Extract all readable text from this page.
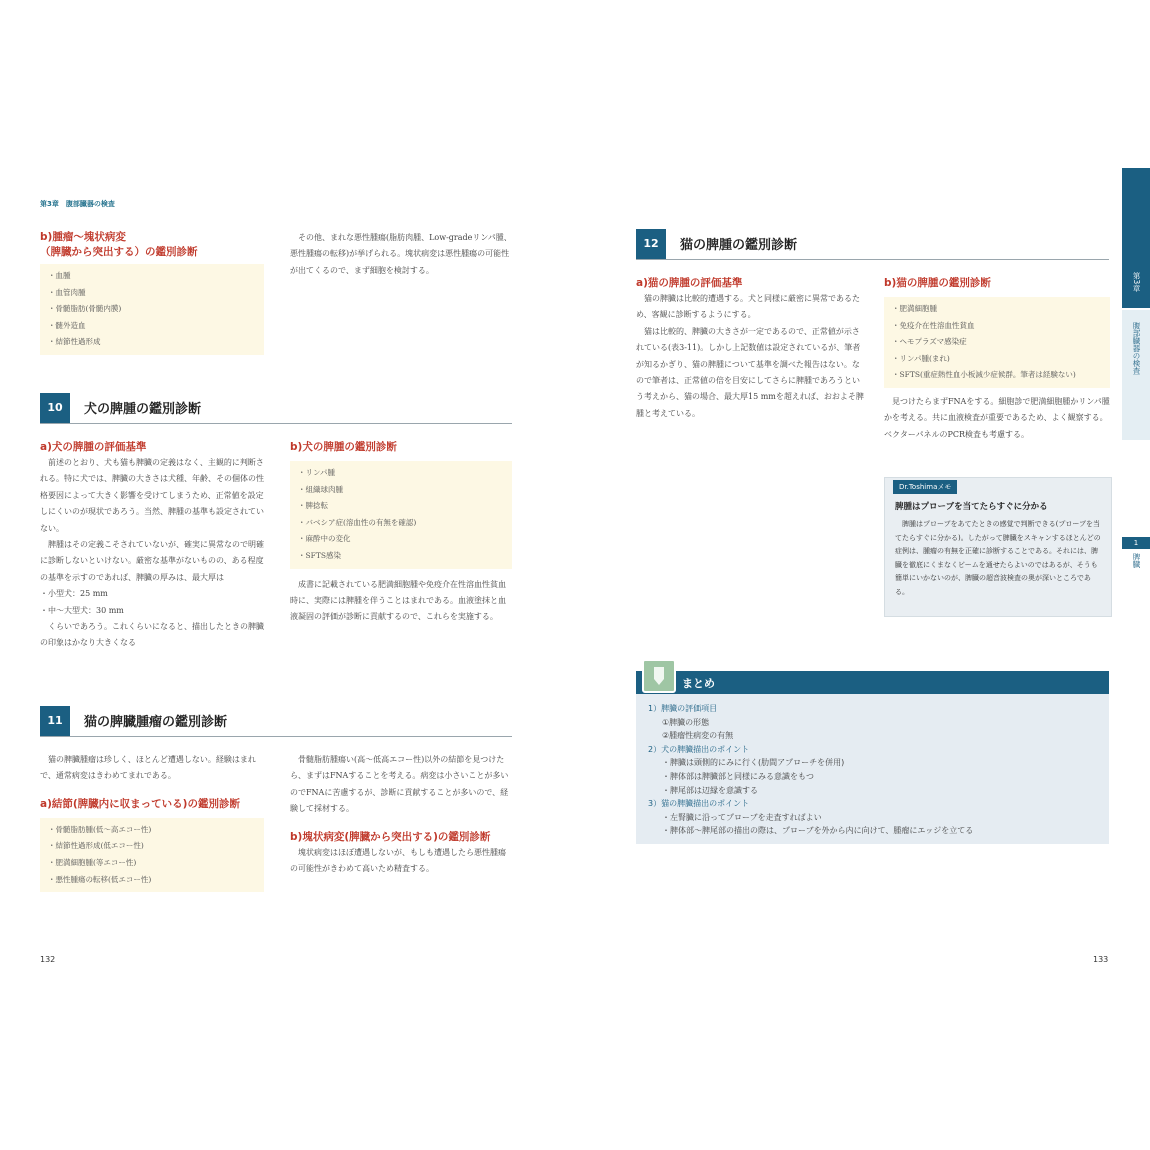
第3章　腹部臓器の検査
b)腫瘤～塊状病変
（脾臓から突出する）の鑑別診断
・血腫
・血管肉腫
・骨髄脂肪(骨髄内膜)
・髄外造血
・結節性過形成
　その他、まれな悪性腫瘍(脂肪肉腫、Low-gradeリンパ腫、悪性腫瘍の転移)が挙げられる。塊状病変は悪性腫瘍の可能性が出てくるので、まず細胞を検討する。
10	犬の脾腫の鑑別診断
a)犬の脾腫の評価基準
　前述のとおり、犬も猫も脾臓の定義はなく、主観的に判断される。特に犬では、脾臓の大きさは犬種、年齢、その個体の性格要因によって大きく影響を受けてしまうため、正常値を設定しにくいのが現状であろう。当然、脾腫の基準も設定されていない。
　脾腫はその定義こそされていないが、確実に異常なので明確に診断しないといけない。厳密な基準がないものの、ある程度の基準を示すのであれば、脾臓の厚みは、最大厚は
・小型犬：25 mm
・中～大型犬：30 mm
　くらいであろう。これくらいになると、描出したときの脾臓の印象はかなり大きくなる
b)犬の脾腫の鑑別診断
・リンパ腫
・組織球肉腫
・脾捻転
・バベシア症(溶血性の有無を確認)
・麻酔中の変化
・SFTS感染
　成書に記載されている肥満細胞腫や免疫介在性溶血性貧血時に、実際には脾腫を伴うことはまれである。血液塗抹と血液凝固の評価が診断に貢献するので、これらを実施する。
11	猫の脾臓腫瘤の鑑別診断
　猫の脾臓腫瘤は珍しく、ほとんど遭遇しない。経験はまれで、通常病変はきわめてまれである。
a)結節(脾臓内に収まっている)の鑑別診断
・骨髄脂肪腫(低～高エコー性)
・結節性過形成(低エコー性)
・肥満細胞腫(等エコー性)
・悪性腫瘍の転移(低エコー性)
　骨髄脂肪腫瘍い(高～低高エコー性)以外の結節を見つけたら、まずはFNAすることを考える。病変は小さいことが多いのでFNAに苦慮するが、診断に貢献することが多いので、経験して採材する。
b)塊状病変(脾臓から突出する)の鑑別診断
　塊状病変はほぼ遭遇しないが、もしも遭遇したら悪性腫瘍の可能性がきわめて高いため精査する。
132
12	猫の脾腫の鑑別診断
a)猫の脾腫の評価基準
　猫の脾臓は比較的遭遇する。犬と同様に厳密に異常であるため、客観に診断するようにする。
　猫は比較的、脾臓の大きさが一定であるので、正常値が示されている(表3-11)。しかし上記数値は設定されているが、筆者が知るかぎり、猫の脾腫について基準を調べた報告はない。なので筆者は、正常値の倍を目安にしてさらに脾腫であろうという考えから、猫の場合、最大厚15 mmを超えれば、おおよそ脾腫と考えている。
b)猫の脾腫の鑑別診断
・肥満細胞腫
・免疫介在性溶血性貧血
・ヘモプラズマ感染症
・リンパ腫(まれ)
・SFTS(重症熱性血小板減少症候群。筆者は経験ない)
　見つけたらまずFNAをする。細胞診で肥満細胞腫かリンパ腫かを考える。共に血液検査が重要であるため、よく観察する。ベクターパネルのPCR検査も考慮する。
Dr.Toshimaメモ
脾腫はプローブを当てたらすぐに分かる
　脾腫はプローブをあてたときの感覚で判断できる(プローブを当てたらすぐに分かる)。したがって脾臓をスキャンするほとんどの症例は、腫瘤の有無を正確に診断することである。それには、脾臓を徹底にくまなくビームを通せたらよいのではあるが、そうも簡単にいかないのが、脾臓の超音波検査の奥が深いところである。
まとめ
1）脾臓の評価項目
①脾臓の形態
②腫瘤性病変の有無
2）犬の脾臓描出のポイント
・脾臓は頭側的にみに行く(肋間アプローチを併用)
・脾体部は脾臓部と同様にみる意識をもつ
・脾尾部は辺縁を意識する
3）猫の脾臓描出のポイント
・左腎臓に沿ってプローブを走査すればよい
・脾体部～脾尾部の描出の際は、プローブを外から内に向けて、腫瘤にエッジを立てる
133
第3章
腹部臓器の検査
1
脾臓
